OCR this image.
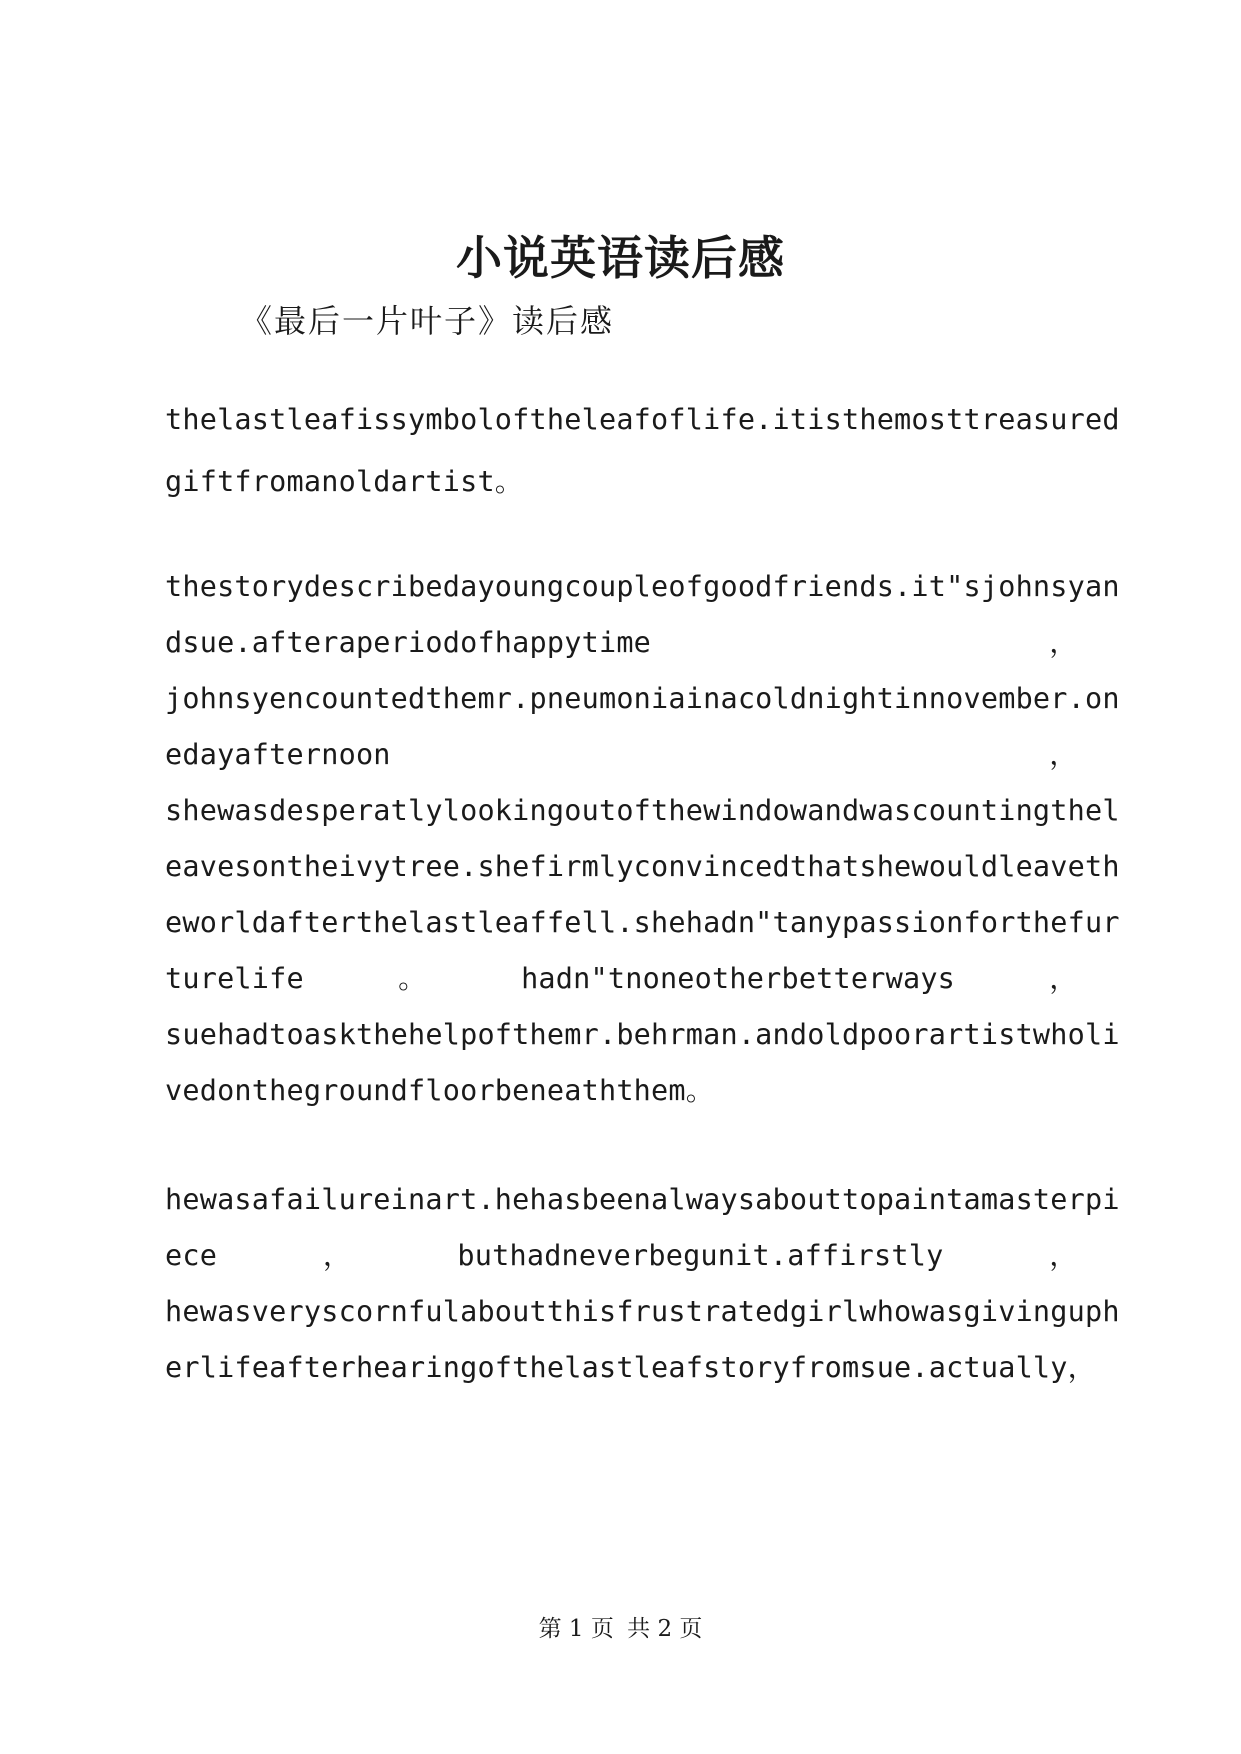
小说英语读后感
《最后一片叶子》读后感
thelastleafissymboloftheleafoflife.itisthemosttreasured
giftfromanoldartist。
thestorydescribedayoungcoupleofgoodfriends.it"sjohnsyan
dsue.afteraperiodofhappytime	，
johnsyencountedthemr.pneumoniainacoldnightinnovember.on
edayafternoon	，
shewasdesperatlylookingoutofthewindowandwascountingthel
eavesontheivytree.shefirmlyconvincedthatshewouldleaveth
eworldafterthelastleaffell.shehadn"tanypassionforthefur
turelife	。	hadn"tnoneotherbetterways	，
suehadtoaskthehelpofthemr.behrman.andoldpoorartistwholi
vedonthegroundfloorbeneaththem。
hewasafailureinart.hehasbeenalwaysabouttopaintamasterpi
ece	，	buthadneverbegunit.affirstly	，
hewasveryscornfulaboutthisfrustratedgirlwhowasgivinguph
erlifeafterhearingofthelastleafstoryfromsue.actually ，
第 1 页 共 2 页
